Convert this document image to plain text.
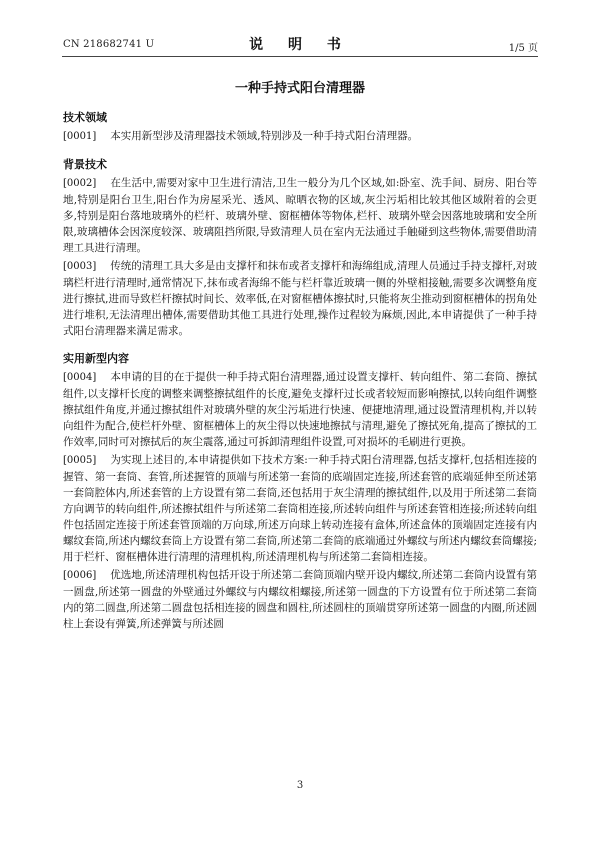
CN 218682741 U	说 明 书	1/5 页
一种手持式阳台清理器
技术领域

[0001] 本实用新型涉及清理器技术领域,特别涉及一种手持式阳台清理器。

背景技术

[0002] 在生活中,需要对家中卫生进行清洁,卫生一般分为几个区域,如:卧室、洗手间、厨房、阳台等地,特别是阳台卫生,阳台作为房屋采光、透风、晾晒衣物的区域,灰尘污垢相比较其他区域附着的会更多,特别是阳台落地玻璃外的栏杆、玻璃外壁、窗框槽体等物体,栏杆、玻璃外壁会因落地玻璃和安全所限,玻璃槽体会因深度较深、玻璃阻挡所限,导致清理人员在室内无法通过手触碰到这些物体,需要借助清理工具进行清理。

[0003] 传统的清理工具大多是由支撑杆和抹布或者支撑杆和海绵组成,清理人员通过手持支撑杆,对玻璃栏杆进行清理时,通常情况下,抹布或者海绵不能与栏杆靠近玻璃一侧的外壁相接触,需要多次调整角度进行擦拭,进而导致栏杆擦拭时间长、效率低,在对窗框槽体擦拭时,只能将灰尘推动到窗框槽体的拐角处进行堆积,无法清理出槽体,需要借助其他工具进行处理,操作过程较为麻烦,因此,本申请提供了一种手持式阳台清理器来满足需求。

实用新型内容

[0004] 本申请的目的在于提供一种手持式阳台清理器,通过设置支撑杆、转向组件、第二套筒、擦拭组件,以支撑杆长度的调整来调整擦拭组件的长度,避免支撑杆过长或者较短而影响擦拭,以转向组件调整擦拭组件角度,并通过擦拭组件对玻璃外壁的灰尘污垢进行快速、便捷地清理,通过设置清理机构,并以转向组件为配合,使栏杆外壁、窗框槽体上的灰尘得以快速地擦拭与清理,避免了擦拭死角,提高了擦拭的工作效率,同时可对擦拭后的灰尘震落,通过可拆卸清理组件设置,可对损坏的毛刷进行更换。

[0005] 为实现上述目的,本申请提供如下技术方案:一种手持式阳台清理器,包括支撑杆,包括相连接的握管、第一套筒、套管,所述握管的顶端与所述第一套筒的底端固定连接,所述套管的底端延伸至所述第一套筒腔体内,所述套管的上方设置有第二套筒,还包括用于灰尘清理的擦拭组件,以及用于所述第二套筒方向调节的转向组件,所述擦拭组件与所述第二套筒相连接,所述转向组件与所述套管相连接;所述转向组件包括固定连接于所述套管顶端的万向球,所述万向球上转动连接有盒体,所述盒体的顶端固定连接有内螺纹套筒,所述内螺纹套筒上方设置有第二套筒,所述第二套筒的底端通过外螺纹与所述内螺纹套筒螺接;用于栏杆、窗框槽体进行清理的清理机构,所述清理机构与所述第二套筒相连接。

[0006] 优选地,所述清理机构包括开设于所述第二套筒顶端内壁开设内螺纹,所述第二套筒内设置有第一圆盘,所述第一圆盘的外壁通过外螺纹与内螺纹相螺接,所述第一圆盘的下方设置有位于所述第二套筒内的第二圆盘,所述第二圆盘包括相连接的圆盘和圆柱,所述圆柱的顶端贯穿所述第一圆盘的内圈,所述圆柱上套设有弹簧,所述弹簧与所述圆

3
